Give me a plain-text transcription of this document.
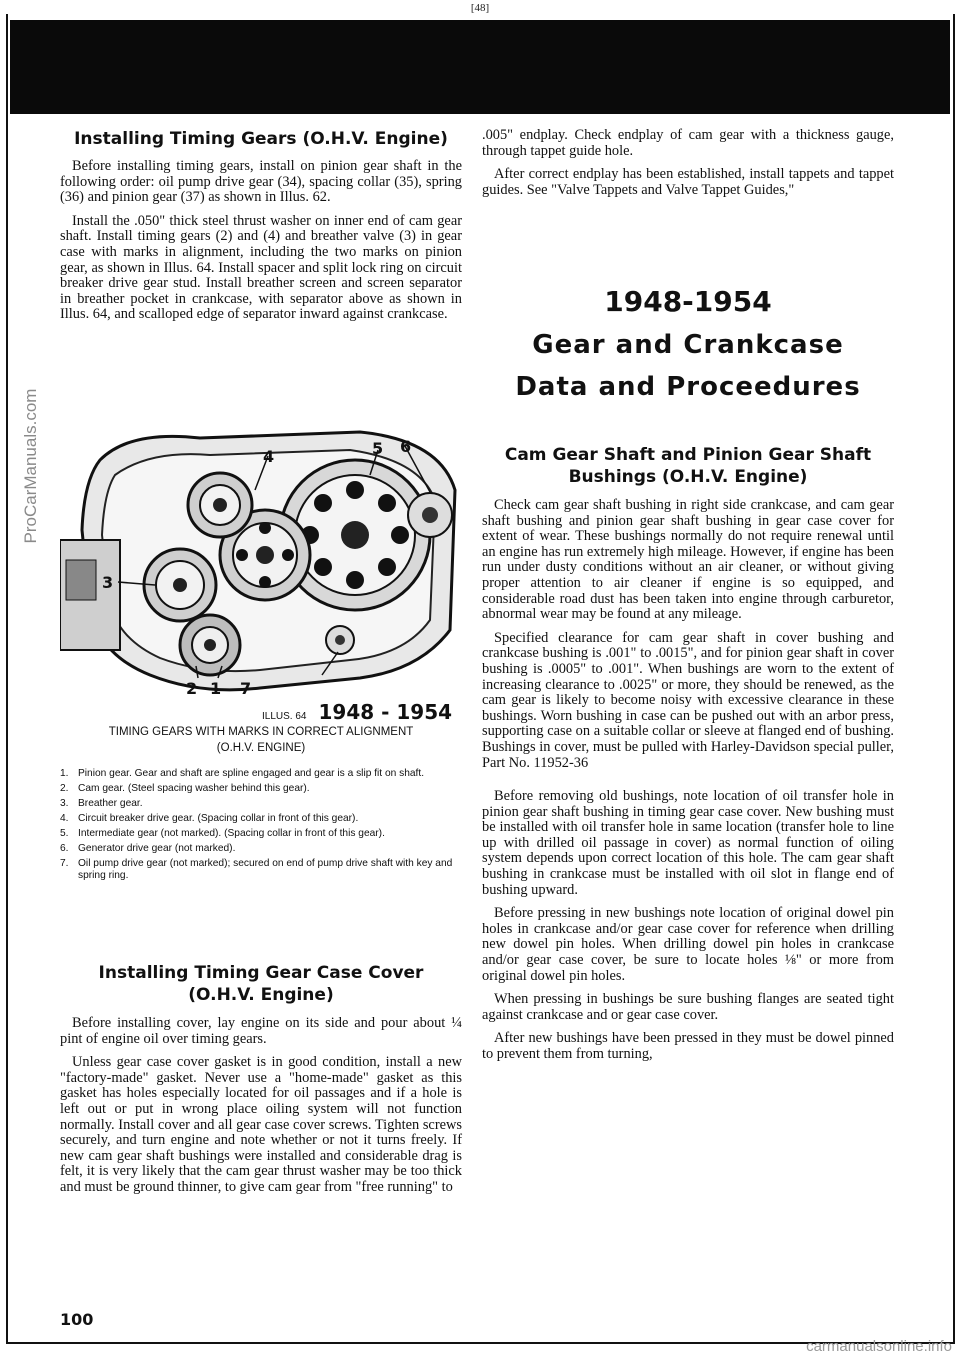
[48]
ProCarManuals.com
Installing Timing Gears (O.H.V. Engine)

Before installing timing gears, install on pinion gear shaft in the following order: oil pump drive gear (34), spacing collar (35), spring (36) and pinion gear (37) as shown in Illus. 62.

Install the .050" thick steel thrust washer on inner end of cam gear shaft. Install timing gears (2) and (4) and breather valve (3) in gear case with marks in alignment, including the two marks on pinion gear, as shown in Illus. 64. Install spacer and split lock ring on circuit breaker drive gear stud. Install breather screen and screen separator in breather pocket in crankcase, with separator above as shown in Illus. 64, and scalloped edge of separator inward against crankcase.

4	5 6
3
2 1 7
ILLUS. 64 1948 - 1954
TIMING GEARS WITH MARKS IN CORRECT ALIGNMENT
(O.H.V. ENGINE)
1. Pinion gear. Gear and shaft are spline engaged and gear is a slip fit on shaft.
2. Cam gear. (Steel spacing washer behind this gear).
3. Breather gear.
4. Circuit breaker drive gear. (Spacing collar in front of this gear).
5. Intermediate gear (not marked). (Spacing collar in front of this gear).
6. Generator drive gear (not marked).
7. Oil pump drive gear (not marked); secured on end of pump drive shaft with key and spring ring.
Installing Timing Gear Case Cover
(O.H.V. Engine)

Before installing cover, lay engine on its side and pour about ¼ pint of engine oil over timing gears.

Unless gear case cover gasket is in good condition, install a new "factory-made" gasket. Never use a "home-made" gasket as this gasket has holes especially located for oil passages and if a hole is left out or put in wrong place oiling system will not function normally. Install cover and all gear case cover screws. Tighten screws securely, and turn engine and note whether or not it turns freely. If new cam gear shaft bushings were installed and considerable drag is felt, it is very likely that the cam gear thrust washer may be too thick and must be ground thinner, to give cam gear from "free running" to

100

.005" endplay. Check endplay of cam gear with a thickness gauge, through tappet guide hole.

After correct endplay has been established, install tappets and tappet guides. See "Valve Tappets and Valve Tappet Guides,"

1948-1954
Gear and Crankcase
Data and Proceedures
Cam Gear Shaft and Pinion Gear Shaft
Bushings (O.H.V. Engine)

Check cam gear shaft bushing in right side crankcase, and cam gear shaft bushing and pinion gear shaft bushing in gear case cover for extent of wear. These bushings normally do not require renewal until an engine has run extremely high mileage. However, if engine has been run under dusty conditions without an air cleaner, or without giving proper attention to air cleaner if engine is so equipped, and considerable road dust has been taken into engine through carburetor, abnormal wear may be found at any mileage.

Specified clearance for cam gear shaft in cover bushing and crankcase bushing is .001" to .0015", and for pinion gear shaft in cover bushing is .0005" to .001". When bushings are worn to the extent of increasing clearance to .0025" or more, they should be renewed, as the cam gear is likely to become noisy with excessive clearance in these bushings. Worn bushing in case can be pushed out with an arbor press, supporting case on a suitable collar or sleeve at flanged end of bushing. Bushings in cover, must be pulled with Harley-Davidson special puller, Part No. 11952-36

Before removing old bushings, note location of oil transfer hole in pinion gear shaft bushing in timing gear case cover. New bushing must be installed with oil transfer hole in same location (transfer hole to line up with drilled oil passage in cover) as normal function of oiling system depends upon correct location of this hole. The cam gear shaft bushing in crankcase must be installed with oil slot in flange end of bushing upward.

Before pressing in new bushings note location of original dowel pin holes in crankcase and/or gear case cover for reference when drilling new dowel pin holes. When drilling dowel pin holes in crankcase and/or gear case cover, be sure to locate holes ⅛" or more from original dowel pin holes.

When pressing in bushings be sure bushing flanges are seated tight against crankcase and or gear case cover.

After new bushings have been pressed in they must be dowel pinned to prevent them from turning,

carmanualsonline.info
